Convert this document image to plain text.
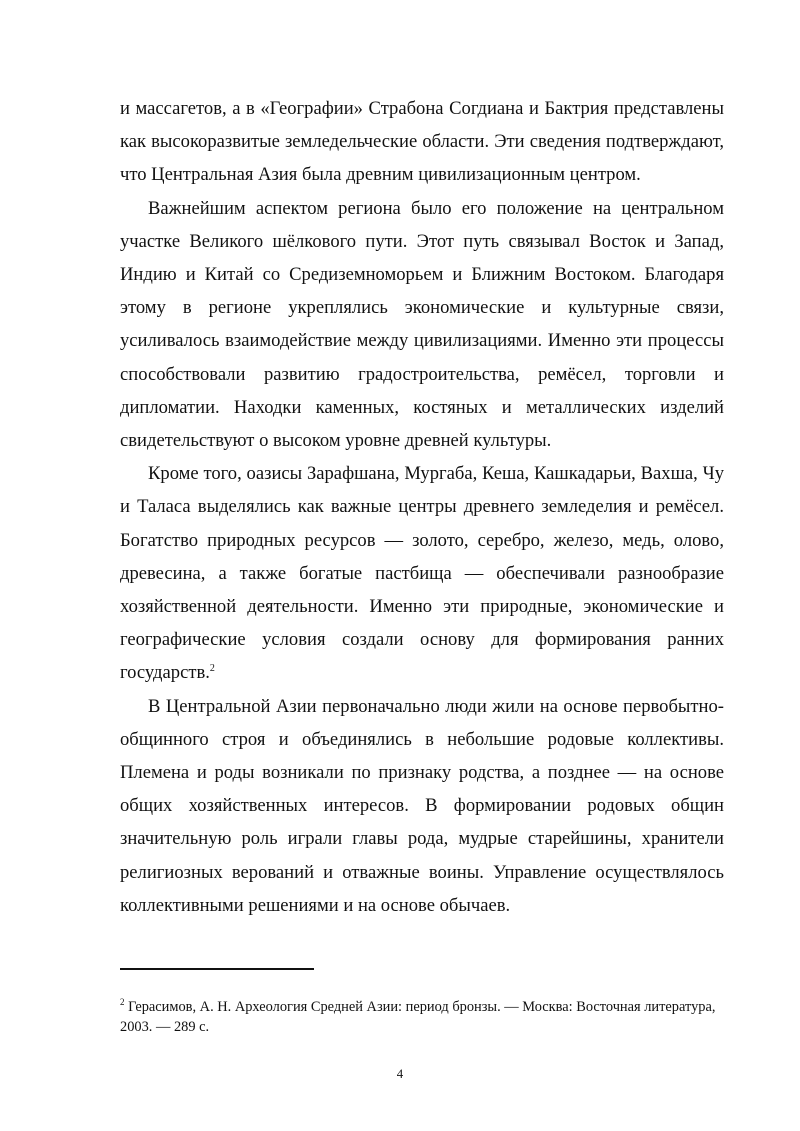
и массагетов, а в «Географии» Страбона Согдиана и Бактрия представлены как высокоразвитые земледельческие области. Эти сведения подтверждают, что Центральная Азия была древним цивилизационным центром.

Важнейшим аспектом региона было его положение на центральном участке Великого шёлкового пути. Этот путь связывал Восток и Запад, Индию и Китай со Средиземноморьем и Ближним Востоком. Благодаря этому в регионе укреплялись экономические и культурные связи, усиливалось взаимодействие между цивилизациями. Именно эти процессы способствовали развитию градостроительства, ремёсел, торговли и дипломатии. Находки каменных, костяных и металлических изделий свидетельствуют о высоком уровне древней культуры.

Кроме того, оазисы Зарафшана, Мургаба, Кеша, Кашкадарьи, Вахша, Чу и Таласа выделялись как важные центры древнего земледелия и ремёсел. Богатство природных ресурсов — золото, серебро, железо, медь, олово, древесина, а также богатые пастбища — обеспечивали разнообразие хозяйственной деятельности. Именно эти природные, экономические и географические условия создали основу для формирования ранних государств.$^2$

В Центральной Азии первоначально люди жили на основе первобытно-общинного строя и объединялись в небольшие родовые коллективы. Племена и роды возникали по признаку родства, а позднее — на основе общих хозяйственных интересов. В формировании родовых общин значительную роль играли главы рода, мудрые старейшины, хранители религиозных верований и отважные воины. Управление осуществлялось коллективными решениями и на основе обычаев.

$^2$ Герасимов, А. Н. Археология Средней Азии: период бронзы. — Москва: Восточная литература, 2003. — 289 с.

4
